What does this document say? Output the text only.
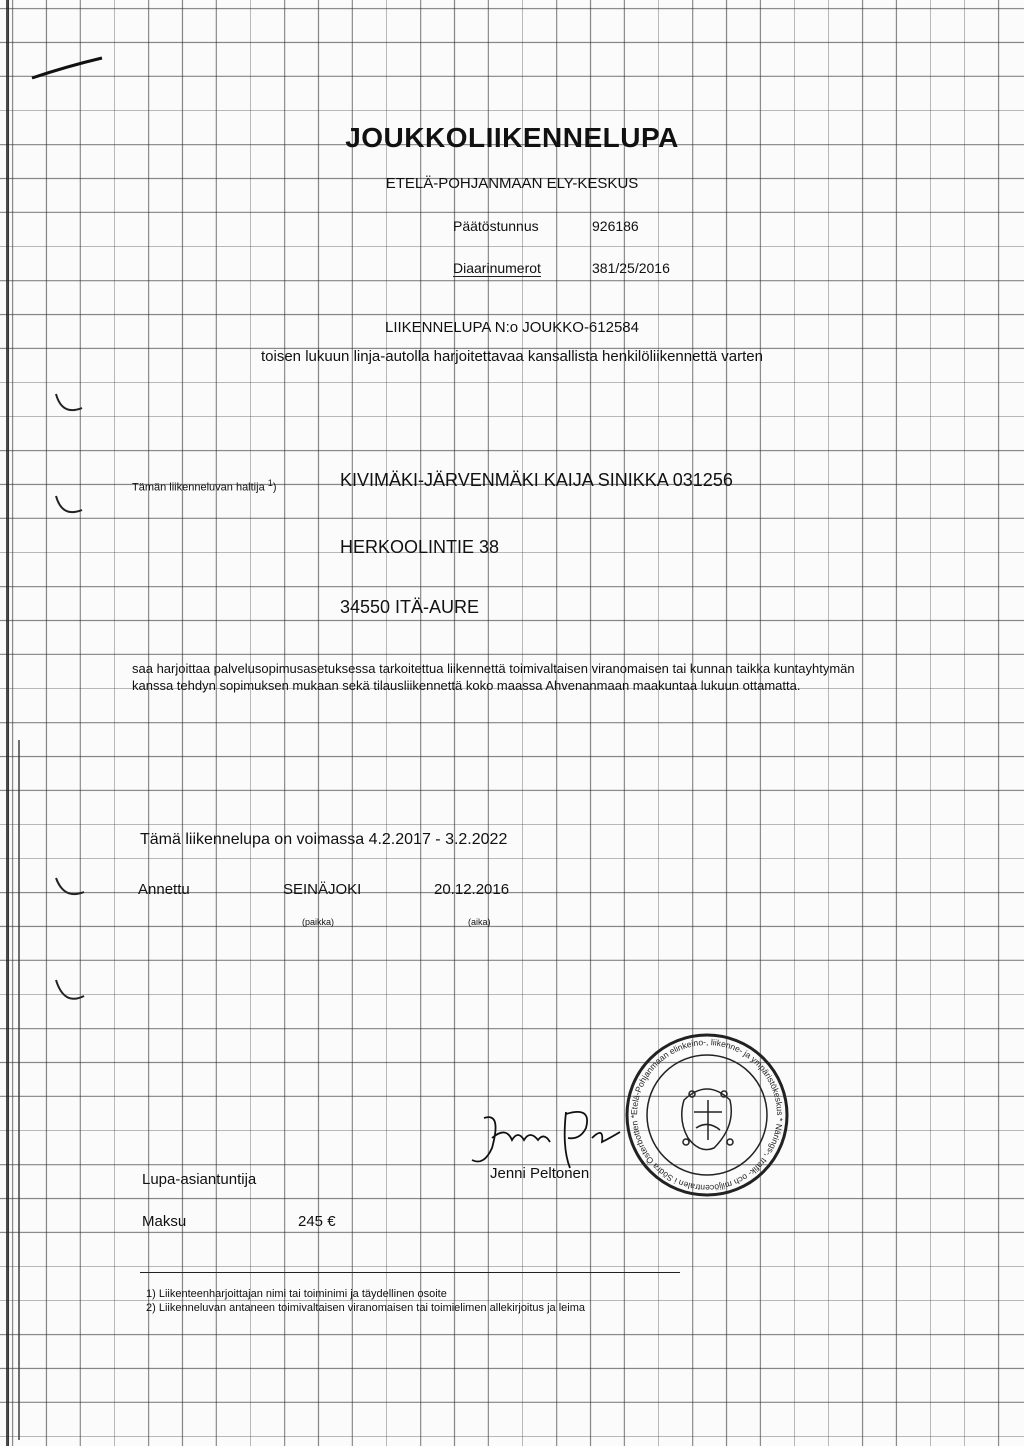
JOUKKOLIIKENNELUPA
ETELÄ-POHJANMAAN ELY-KESKUS
Päätöstunnus	926186
Diaarinumerot	381/25/2016
LIIKENNELUPA N:o JOUKKO-612584
toisen lukuun linja-autolla harjoitettavaa kansallista henkilöliikennettä varten
Tämän liikenneluvan haltija $^1$)	KIVIMÄKI-JÄRVENMÄKI KAIJA SINIKKA 031256
HERKOOLINTIE 38
34550 ITÄ-AURE
saa harjoittaa palvelusopimusasetuksessa tarkoitettua liikennettä toimivaltaisen viranomaisen tai kunnan taikka kuntayhtymän kanssa tehdyn sopimuksen mukaan sekä tilausliikennettä koko maassa Ahvenanmaan maakuntaa lukuun ottamatta.
Tämä liikennelupa on voimassa 4.2.2017 - 3.2.2022
Annettu	SEINÄJOKI	20.12.2016
(paikka)	(aika)
Etelä-Pohjanmaan elinkeino-, liikenne- ja ympäristökeskus * Närings-, trafik- och miljöcentralen i Södra Österbotten *
Lupa-asiantuntija	Jenni Peltonen
Maksu	245 €
1) Liikenteenharjoittajan nimi tai toiminimi ja täydellinen osoite
2) Liikenneluvan antaneen toimivaltaisen viranomaisen tai toimielimen allekirjoitus ja leima
